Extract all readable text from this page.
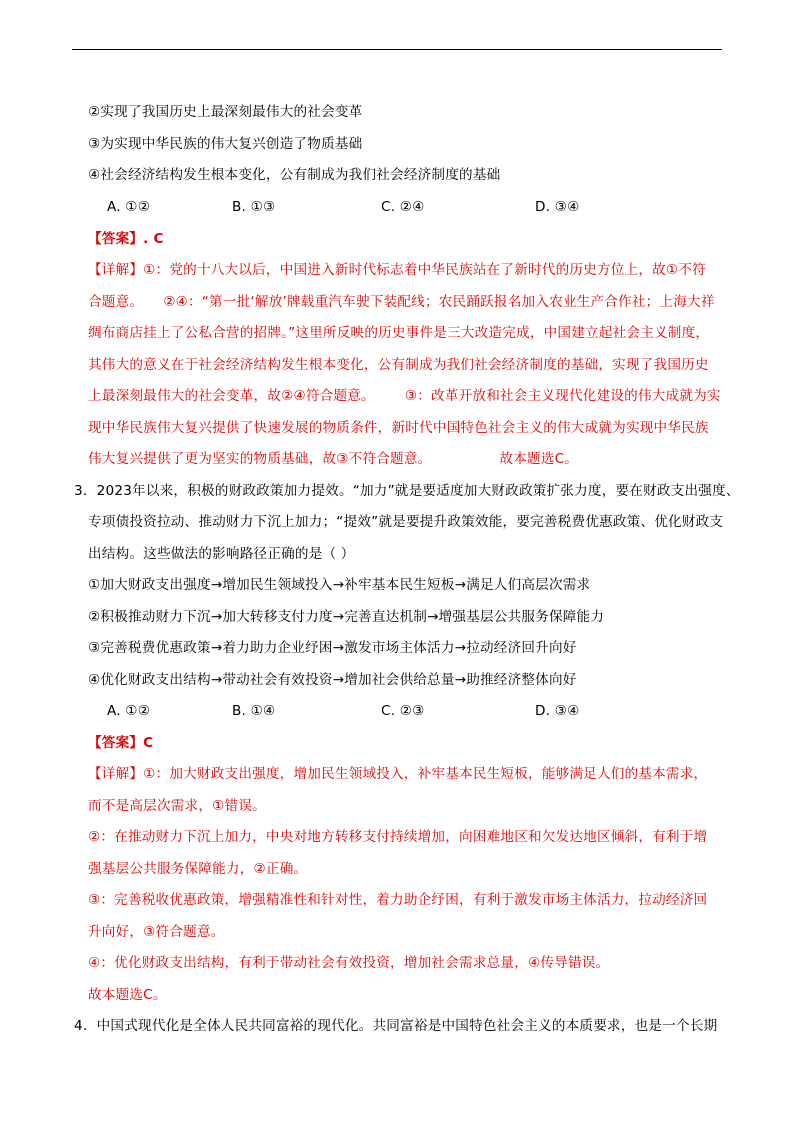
②实现了我国历史上最深刻最伟大的社会变革
③为实现中华民族的伟大复兴创造了物质基础
④社会经济结构发生根本变化，公有制成为我们社会经济制度的基础
A. ①②	B. ①③	C. ②④	D. ③④
【答案】. C
【详解】①：党的十八大以后，中国进入新时代标志着中华民族站在了新时代的历史方位上，故①不符
合题意。 ②④：“第一批‘解放’牌载重汽车驶下装配线；农民踊跃报名加入农业生产合作社；上海大祥
绸布商店挂上了公私合营的招牌。”这里所反映的历史事件是三大改造完成，中国建立起社会主义制度，
其伟大的意义在于社会经济结构发生根本变化，公有制成为我们社会经济制度的基础，实现了我国历史
上最深刻最伟大的社会变革，故②④符合题意。 ③：改革开放和社会主义现代化建设的伟大成就为实
现中华民族伟大复兴提供了快速发展的物质条件，新时代中国特色社会主义的伟大成就为实现中华民族
伟大复兴提供了更为坚实的物质基础，故③不符合题意。	故本题选C。
3．2023年以来，积极的财政政策加力提效。“加力”就是要适度加大财政政策扩张力度，要在财政支出强度、
专项债投资拉动、推动财力下沉上加力；“提效”就是要提升政策效能，要完善税费优惠政策、优化财政支
出结构。这些做法的影响路径正确的是（ ）
①加大财政支出强度→增加民生领域投入→补牢基本民生短板→满足人们高层次需求
②积极推动财力下沉→加大转移支付力度→完善直达机制→增强基层公共服务保障能力
③完善税费优惠政策→着力助力企业纾困→激发市场主体活力→拉动经济回升向好
④优化财政支出结构→带动社会有效投资→增加社会供给总量→助推经济整体向好
A. ①②	B. ①④	C. ②③	D. ③④
【答案】C
【详解】①：加大财政支出强度，增加民生领域投入，补牢基本民生短板，能够满足人们的基本需求，
而不是高层次需求，①错误。
②：在推动财力下沉上加力，中央对地方转移支付持续增加，向困难地区和欠发达地区倾斜，有利于增
强基层公共服务保障能力，②正确。
③：完善税收优惠政策，增强精准性和针对性，着力助企纾困，有利于激发市场主体活力，拉动经济回
升向好，③符合题意。
④：优化财政支出结构，有利于带动社会有效投资，增加社会需求总量，④传导错误。
故本题选C。
4．中国式现代化是全体人民共同富裕的现代化。共同富裕是中国特色社会主义的本质要求，也是一个长期
